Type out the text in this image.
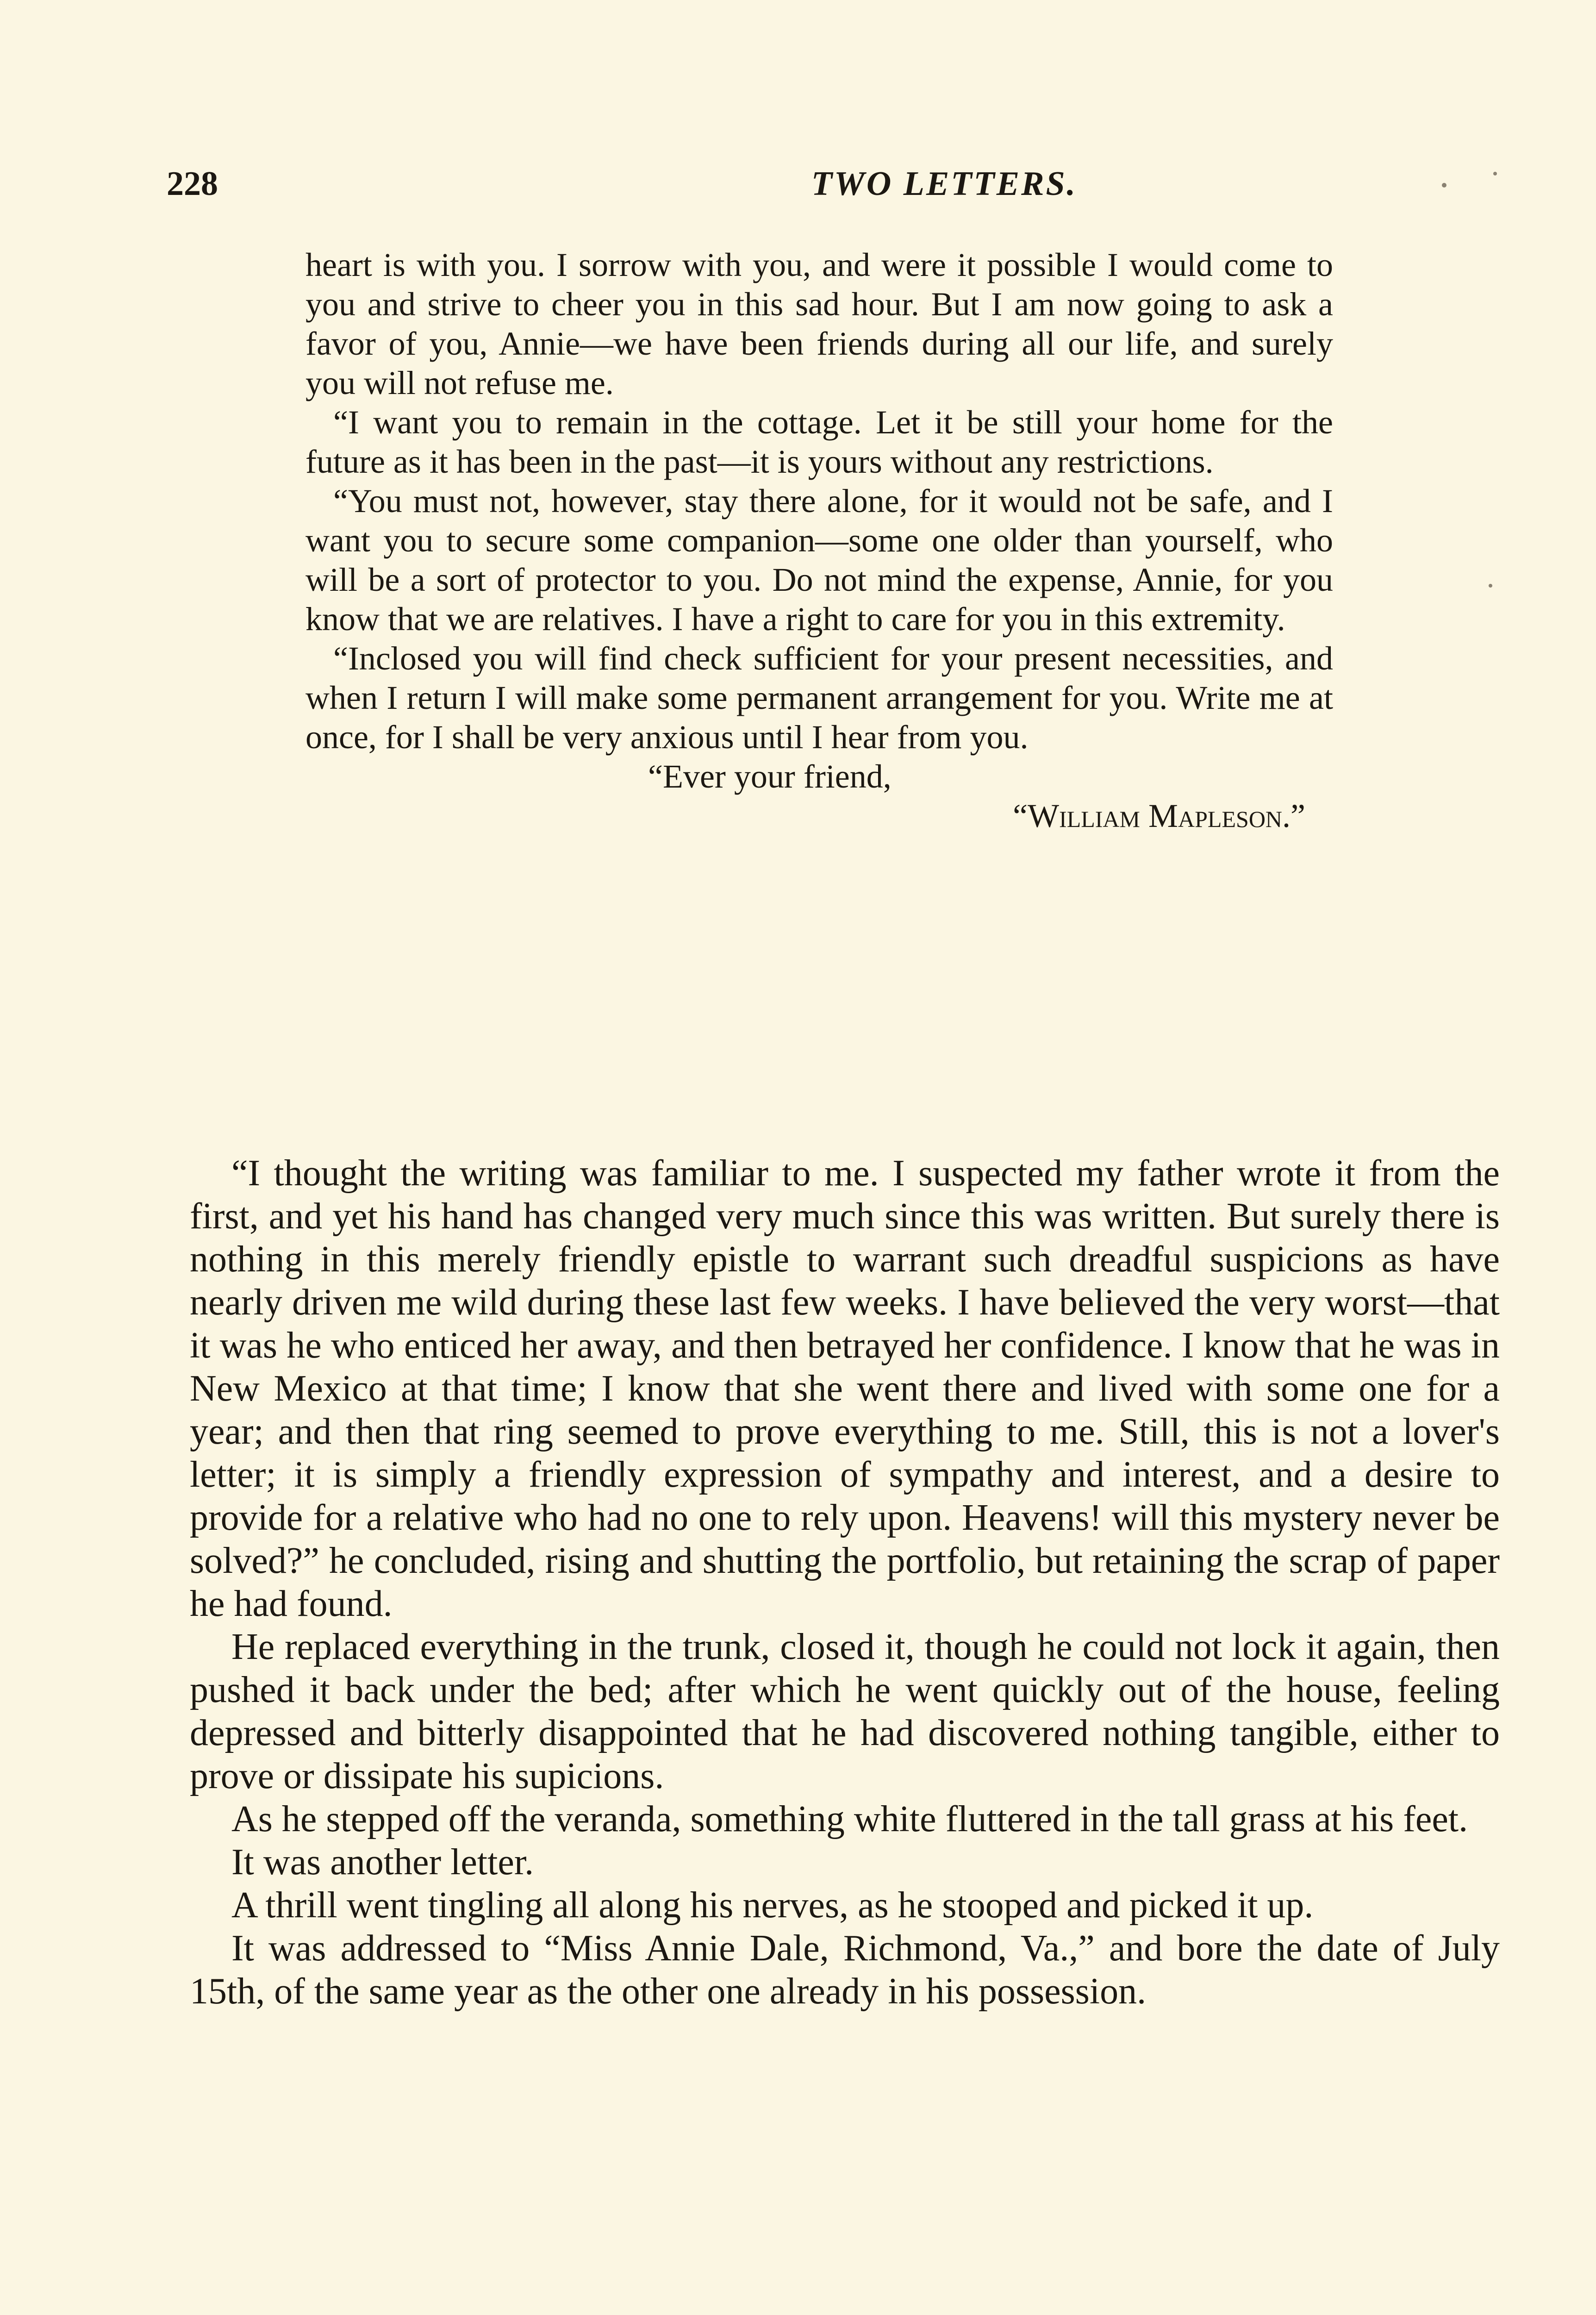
228	TWO LETTERS.

heart is with you. I sorrow with you, and were it possible I would come to you and strive to cheer you in this sad hour. But I am now going to ask a favor of you, Annie—we have been friends during all our life, and surely you will not refuse me.

“I want you to remain in the cottage. Let it be still your home for the future as it has been in the past—it is yours without any restrictions.

“You must not, however, stay there alone, for it would not be safe, and I want you to secure some companion—some one older than yourself, who will be a sort of protector to you. Do not mind the expense, Annie, for you know that we are relatives. I have a right to care for you in this extremity.

“Inclosed you will find check sufficient for your present necessities, and when I return I will make some permanent arrangement for you. Write me at once, for I shall be very anxious until I hear from you.

“Ever your friend,

“William Mapleson.”

“I thought the writing was familiar to me. I suspected my father wrote it from the first, and yet his hand has changed very much since this was written. But surely there is nothing in this merely friendly epistle to warrant such dreadful suspicions as have nearly driven me wild during these last few weeks. I have believed the very worst—that it was he who enticed her away, and then betrayed her confidence. I know that he was in New Mexico at that time; I know that she went there and lived with some one for a year; and then that ring seemed to prove everything to me. Still, this is not a lover's letter; it is simply a friendly expression of sympathy and interest, and a desire to provide for a relative who had no one to rely upon. Heavens! will this mystery never be solved?” he concluded, rising and shutting the portfolio, but retaining the scrap of paper he had found.

He replaced everything in the trunk, closed it, though he could not lock it again, then pushed it back under the bed; after which he went quickly out of the house, feeling depressed and bitterly disappointed that he had discovered nothing tangible, either to prove or dissipate his supicions.

As he stepped off the veranda, something white fluttered in the tall grass at his feet.

It was another letter.

A thrill went tingling all along his nerves, as he stooped and picked it up.

It was addressed to “Miss Annie Dale, Richmond, Va.,” and bore the date of July 15th, of the same year as the other one already in his possession.
